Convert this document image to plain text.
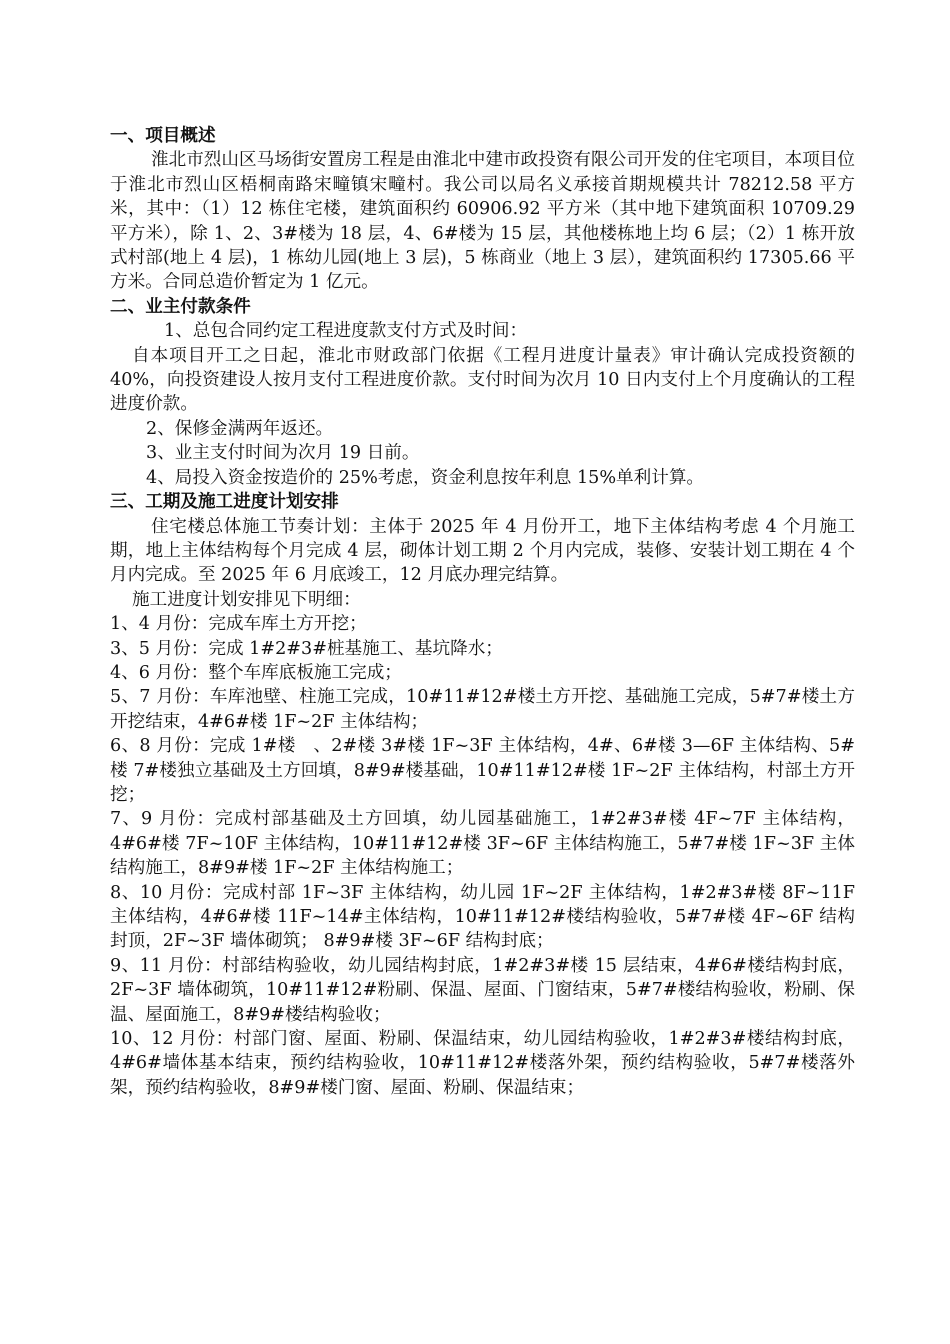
一、项目概述

淮北市烈山区马场街安置房工程是由淮北中建市政投资有限公司开发的住宅项目，本项目位于淮北市烈山区梧桐南路宋疃镇宋疃村。我公司以局名义承接首期规模共计 78212.58 平方米，其中：（1）12 栋住宅楼，建筑面积约 60906.92 平方米（其中地下建筑面积 10709.29 平方米），除 1、2、3#楼为 18 层，4、6#楼为 15 层，其他楼栋地上均 6 层；（2）1 栋开放式村部(地上 4 层)，1 栋幼儿园(地上 3 层)，5 栋商业（地上 3 层），建筑面积约 17305.66 平方米。合同总造价暂定为 1 亿元。

二、业主付款条件

1、总包合同约定工程进度款支付方式及时间：

自本项目开工之日起，淮北市财政部门依据《工程月进度计量表》审计确认完成投资额的 40%，向投资建设人按月支付工程进度价款。支付时间为次月 10 日内支付上个月度确认的工程进度价款。

2、保修金满两年返还。

3、业主支付时间为次月 19 日前。

4、局投入资金按造价的 25%考虑，资金利息按年利息 15%单利计算。

三、工期及施工进度计划安排

住宅楼总体施工节奏计划：主体于 2025 年 4 月份开工，地下主体结构考虑 4 个月施工期，地上主体结构每个月完成 4 层，砌体计划工期 2 个月内完成，装修、安装计划工期在 4 个月内完成。至 2025 年 6 月底竣工，12 月底办理完结算。

施工进度计划安排见下明细：

1、4 月份：完成车库土方开挖；

3、5 月份：完成 1#2#3#桩基施工、基坑降水；

4、6 月份：整个车库底板施工完成；

5、7 月份：车库池壁、柱施工完成，10#11#12#楼土方开挖、基础施工完成，5#7#楼土方开挖结束，4#6#楼 1F~2F 主体结构；

6、8 月份：完成 1#楼　、2#楼 3#楼 1F~3F 主体结构，4#、6#楼 3—6F 主体结构、5#楼 7#楼独立基础及土方回填，8#9#楼基础，10#11#12#楼 1F~2F 主体结构，村部土方开挖；

7、9 月份：完成村部基础及土方回填，幼儿园基础施工，1#2#3#楼 4F~7F 主体结构，4#6#楼 7F~10F 主体结构，10#11#12#楼 3F~6F 主体结构施工，5#7#楼 1F~3F 主体结构施工，8#9#楼 1F~2F 主体结构施工；

8、10 月份：完成村部 1F~3F 主体结构，幼儿园 1F~2F 主体结构，1#2#3#楼 8F~11F 主体结构，4#6#楼 11F~14#主体结构，10#11#12#楼结构验收，5#7#楼 4F~6F 结构封顶，2F~3F 墙体砌筑； 8#9#楼 3F~6F 结构封底；

9、11 月份：村部结构验收，幼儿园结构封底，1#2#3#楼 15 层结束，4#6#楼结构封底，2F~3F 墙体砌筑，10#11#12#粉刷、保温、屋面、门窗结束，5#7#楼结构验收，粉刷、保温、屋面施工，8#9#楼结构验收；

10、12 月份：村部门窗、屋面、粉刷、保温结束，幼儿园结构验收，1#2#3#楼结构封底，4#6#墙体基本结束，预约结构验收，10#11#12#楼落外架，预约结构验收，5#7#楼落外架，预约结构验收，8#9#楼门窗、屋面、粉刷、保温结束；
